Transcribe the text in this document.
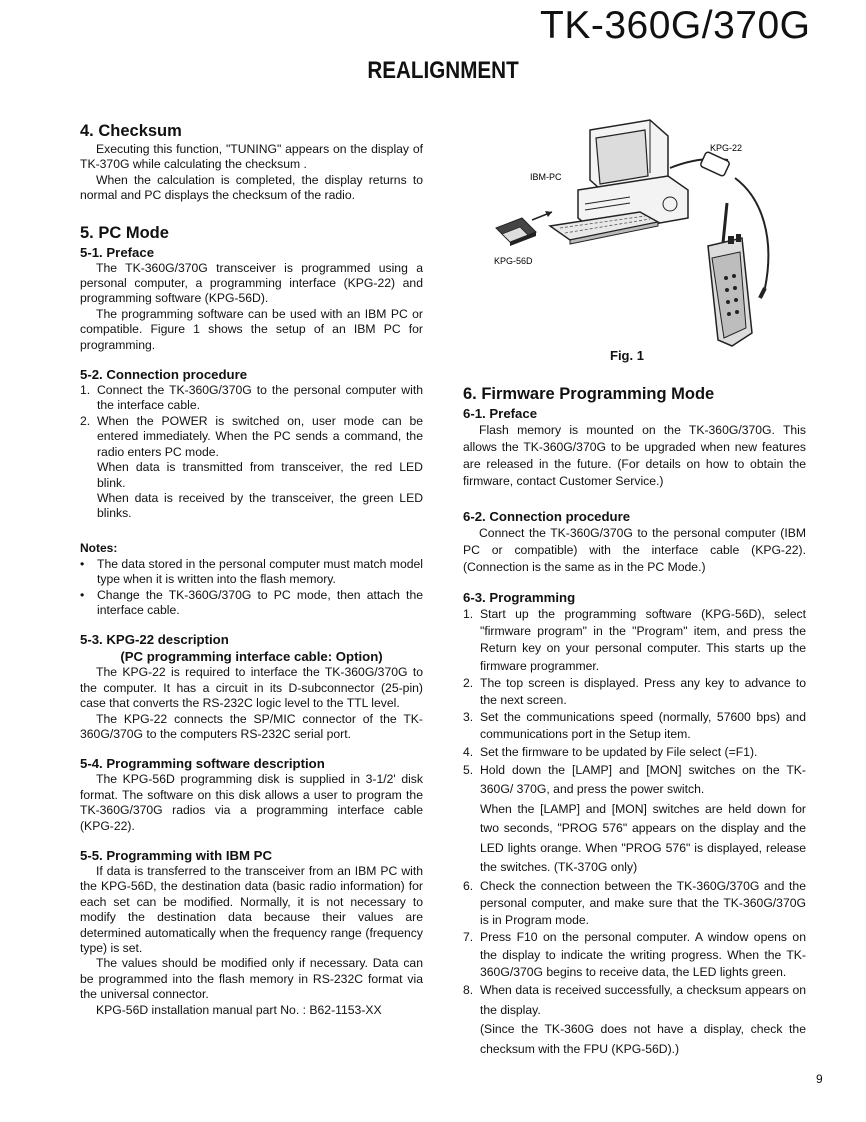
TK-360G/370G
REALIGNMENT
4. Checksum

Executing this function, "TUNING" appears on the display of TK-370G while calculating the checksum .

When the calculation is completed, the display returns to normal and PC displays the checksum of the radio.

5. PC Mode
5-1. Preface

The TK-360G/370G transceiver is programmed using a personal computer, a programming interface (KPG-22) and programming software (KPG-56D).

The programming software can be used with an IBM PC or compatible. Figure 1 shows the setup of an IBM PC for programming.

5-2. Connection procedure
1. Connect the TK-360G/370G to the personal computer with the interface cable.
2. When the POWER is switched on, user mode can be entered immediately. When the PC sends a command, the radio enters PC mode.
When data is transmitted from transceiver, the red LED blink.
When data is received by the transceiver, the green LED blinks.
Notes:
•	The data stored in the personal computer must match model type when it is written into the flash memory.
•	Change the TK-360G/370G to PC mode, then attach the interface cable.
5-3. KPG-22 description
(PC programming interface cable: Option)

The KPG-22 is required to interface the TK-360G/370G to the computer. It has a circuit in its D-subconnector (25-pin) case that converts the RS-232C logic level to the TTL level.

The KPG-22 connects the SP/MIC connector of the TK-360G/370G to the computers RS-232C serial port.

5-4. Programming software description

The KPG-56D programming disk is supplied in 3-1/2' disk format. The software on this disk allows a user to program the TK-360G/370G radios via a programming interface cable (KPG-22).

5-5. Programming with IBM PC

If data is transferred to the transceiver from an IBM PC with the KPG-56D, the destination data (basic radio information) for each set can be modified. Normally, it is not necessary to modify the destination data because their values are determined automatically when the frequency range (frequency type) is set.

The values should be modified only if necessary. Data can be programmed into the flash memory in RS-232C format via the universal connector.

KPG-56D installation manual part No. : B62-1153-XX

KPG-22
IBM-PC
KPG-56D
Fig. 1
6. Firmware Programming Mode
6-1. Preface

Flash memory is mounted on the TK-360G/370G. This allows the TK-360G/370G to be upgraded when new features are released in the future. (For details on how to obtain the firmware, contact Customer Service.)

6-2. Connection procedure

Connect the TK-360G/370G to the personal computer (IBM PC or compatible) with the interface cable (KPG-22). (Connection is the same as in the PC Mode.)

6-3. Programming
1. Start up the programming software (KPG-56D), select "firmware program" in the "Program" item, and press the Return key on your personal computer. This starts up the firmware programmer.
2. The top screen is displayed. Press any key to advance to the next screen.
3. Set the communications speed (normally, 57600 bps) and communications port in the Setup item.
4. Set the firmware to be updated by File select (=F1).
5. Hold down the [LAMP] and [MON] switches on the TK-360G/ 370G, and press the power switch.
When the [LAMP] and [MON] switches are held down for two seconds, "PROG 576" appears on the display and the LED lights orange. When "PROG 576" is displayed, release the switches. (TK-370G only)
6. Check the connection between the TK-360G/370G and the personal computer, and make sure that the TK-360G/370G is in Program mode.
7. Press F10 on the personal computer. A window opens on the display to indicate the writing progress. When the TK-360G/370G begins to receive data, the LED lights green.
8. When data is received successfully, a checksum appears on the display.
(Since the TK-360G does not have a display, check the checksum with the FPU (KPG-56D).)
9
